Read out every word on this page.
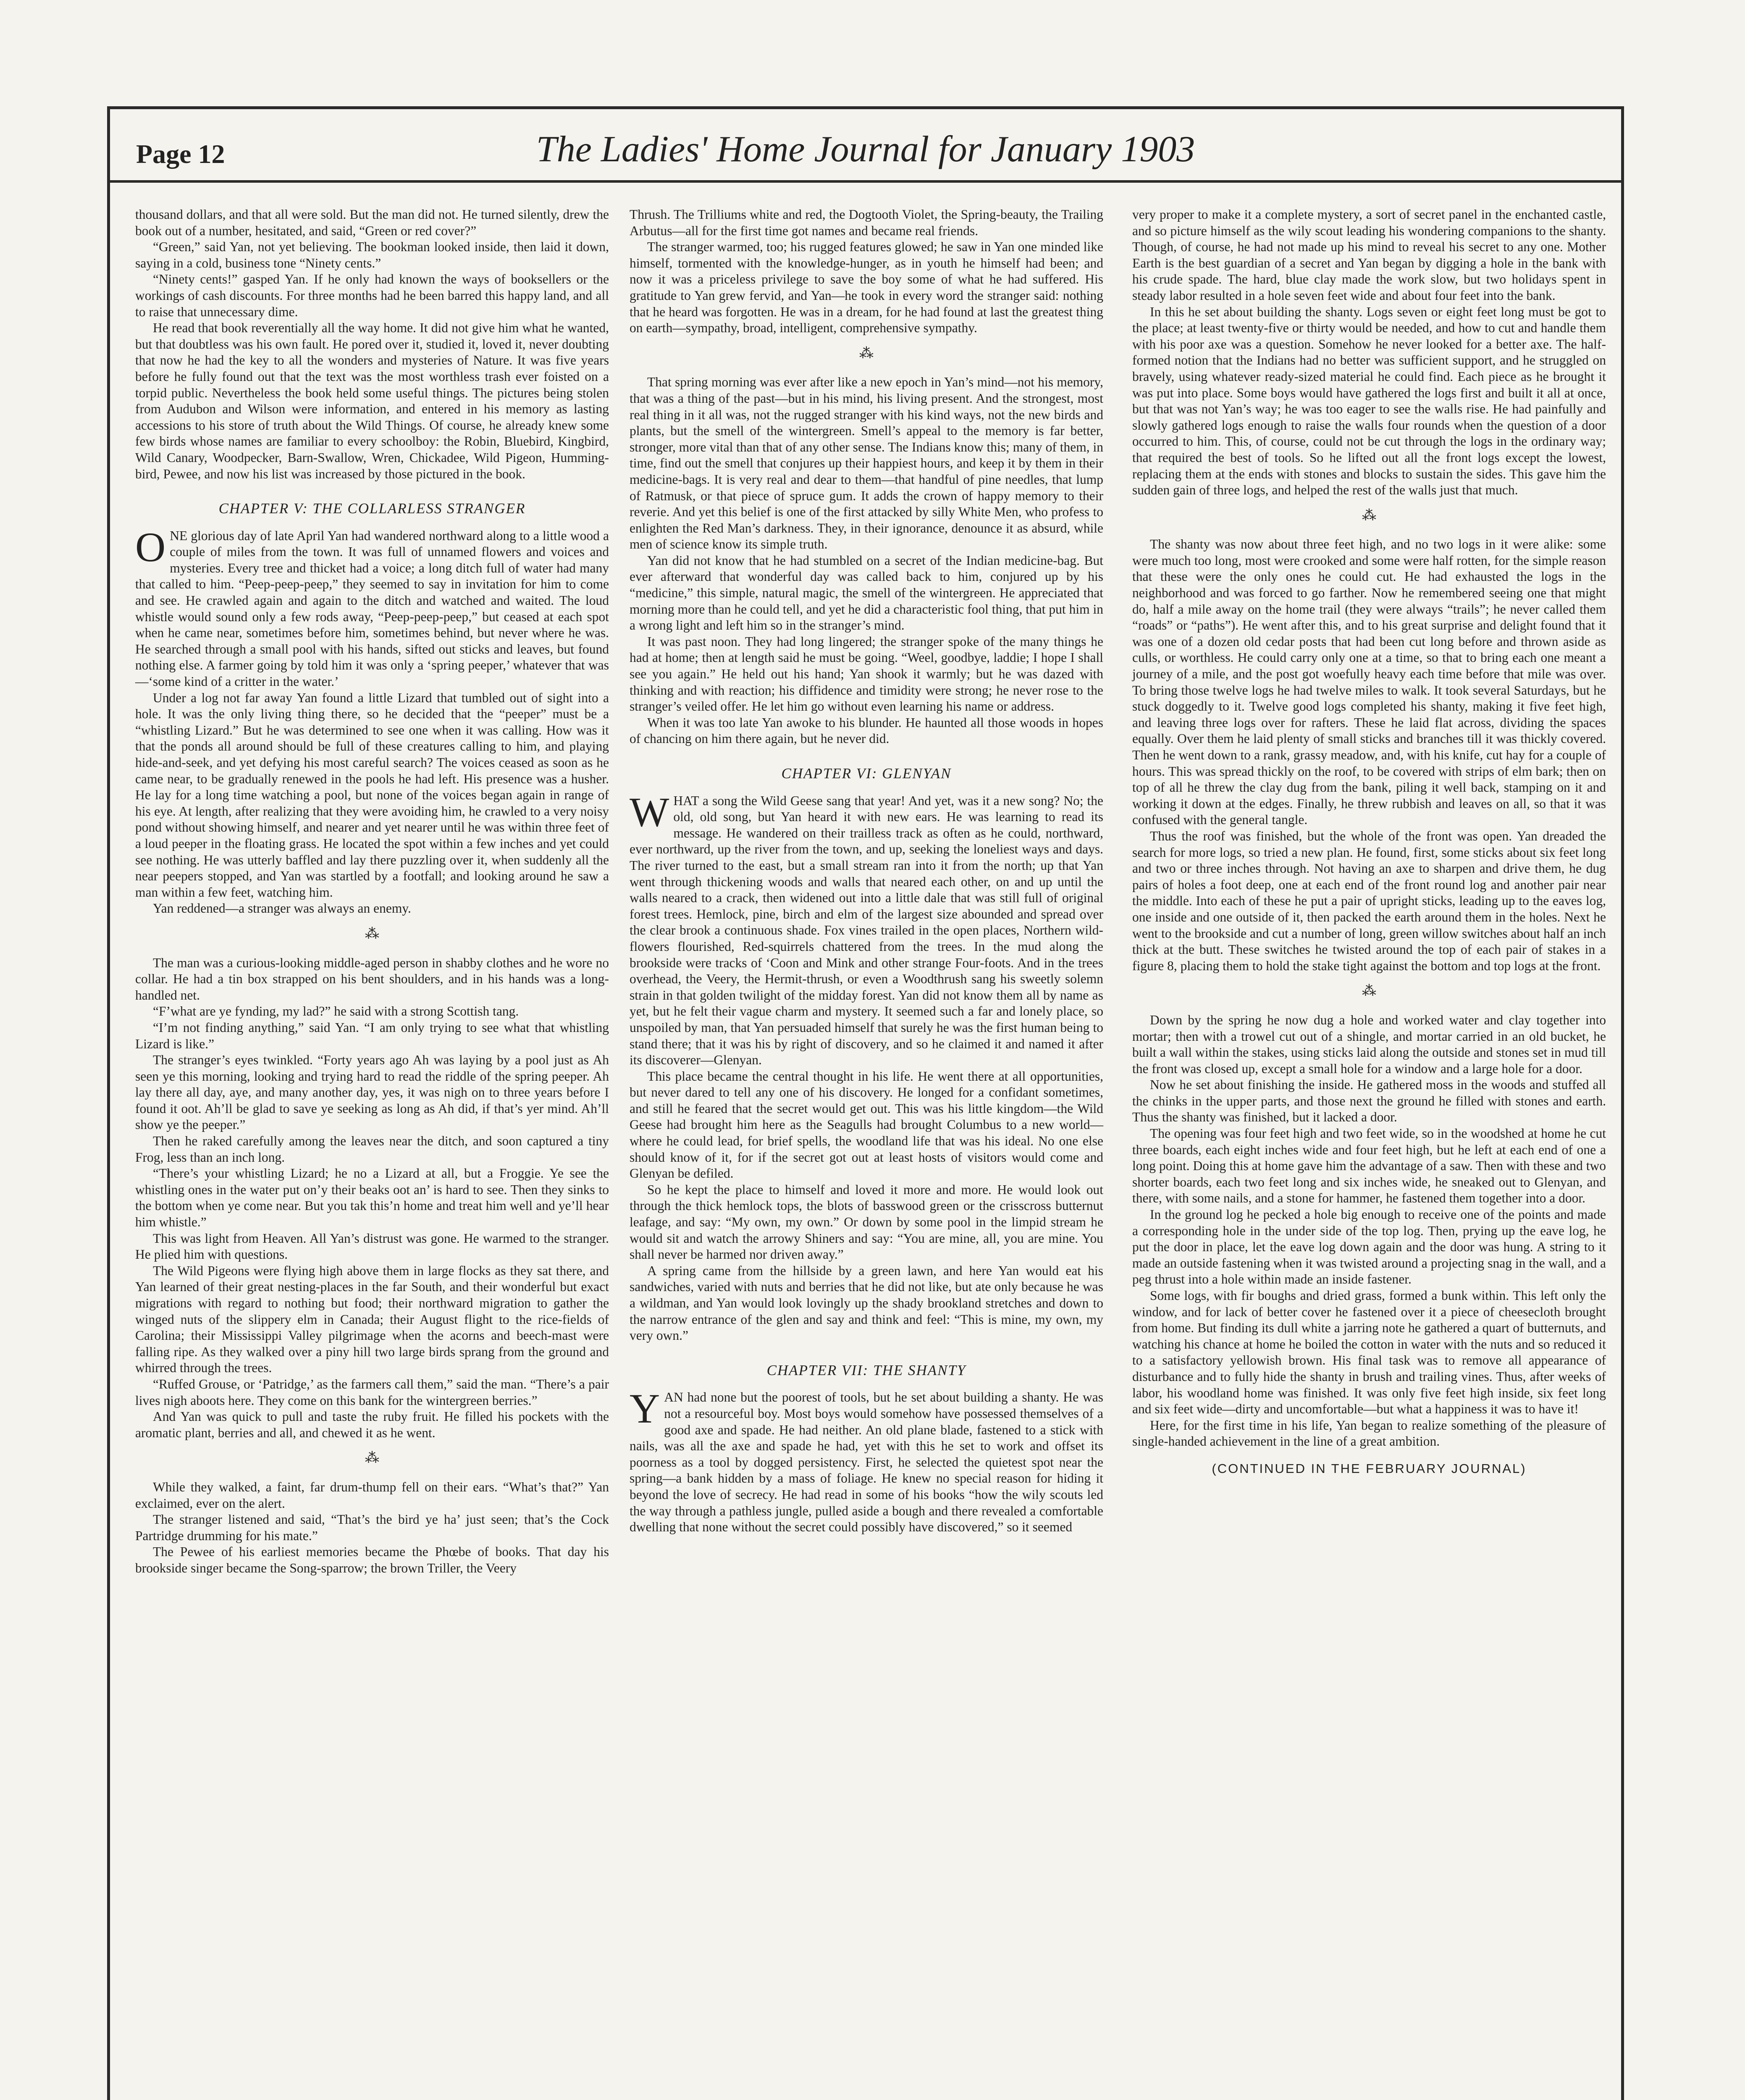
Page 12	The Ladies' Home Journal for January 1903

thousand dollars, and that all were sold. But the man did not. He turned silently, drew the book out of a number, hesitated, and said, “Green or red cover?”

“Green,” said Yan, not yet believing. The bookman looked inside, then laid it down, saying in a cold, business tone “Ninety cents.”

“Ninety cents!” gasped Yan. If he only had known the ways of booksellers or the workings of cash discounts. For three months had he been barred this happy land, and all to raise that unnecessary dime.

He read that book reverentially all the way home. It did not give him what he wanted, but that doubtless was his own fault. He pored over it, studied it, loved it, never doubting that now he had the key to all the wonders and mysteries of Nature. It was five years before he fully found out that the text was the most worthless trash ever foisted on a torpid public. Nevertheless the book held some useful things. The pictures being stolen from Audubon and Wilson were information, and entered in his memory as lasting accessions to his store of truth about the Wild Things. Of course, he already knew some few birds whose names are familiar to every schoolboy: the Robin, Bluebird, Kingbird, Wild Canary, Woodpecker, Barn-Swallow, Wren, Chickadee, Wild Pigeon, Humming-bird, Pewee, and now his list was increased by those pictured in the book.

CHAPTER V: THE COLLARLESS STRANGER

ONE glorious day of late April Yan had wandered northward along to a little wood a couple of miles from the town. It was full of unnamed flowers and voices and mysteries. Every tree and thicket had a voice; a long ditch full of water had many that called to him. “Peep-peep-peep,” they seemed to say in invitation for him to come and see. He crawled again and again to the ditch and watched and waited. The loud whistle would sound only a few rods away, “Peep-peep-peep,” but ceased at each spot when he came near, sometimes before him, sometimes behind, but never where he was. He searched through a small pool with his hands, sifted out sticks and leaves, but found nothing else. A farmer going by told him it was only a ‘spring peeper,’ whatever that was—‘some kind of a critter in the water.’

Under a log not far away Yan found a little Lizard that tumbled out of sight into a hole. It was the only living thing there, so he decided that the “peeper” must be a “whistling Lizard.” But he was determined to see one when it was calling. How was it that the ponds all around should be full of these creatures calling to him, and playing hide-and-seek, and yet defying his most careful search? The voices ceased as soon as he came near, to be gradually renewed in the pools he had left. His presence was a husher. He lay for a long time watching a pool, but none of the voices began again in range of his eye. At length, after realizing that they were avoiding him, he crawled to a very noisy pond without showing himself, and nearer and yet nearer until he was within three feet of a loud peeper in the floating grass. He located the spot within a few inches and yet could see nothing. He was utterly baffled and lay there puzzling over it, when suddenly all the near peepers stopped, and Yan was startled by a footfall; and looking around he saw a man within a few feet, watching him.

Yan reddened—a stranger was always an enemy.

⁂

The man was a curious-looking middle-aged person in shabby clothes and he wore no collar. He had a tin box strapped on his bent shoulders, and in his hands was a long-handled net.

“F’what are ye fynding, my lad?” he said with a strong Scottish tang.

“I’m not finding anything,” said Yan. “I am only trying to see what that whistling Lizard is like.”

The stranger’s eyes twinkled. “Forty years ago Ah was laying by a pool just as Ah seen ye this morning, looking and trying hard to read the riddle of the spring peeper. Ah lay there all day, aye, and many another day, yes, it was nigh on to three years before I found it oot. Ah’ll be glad to save ye seeking as long as Ah did, if that’s yer mind. Ah’ll show ye the peeper.”

Then he raked carefully among the leaves near the ditch, and soon captured a tiny Frog, less than an inch long.

“There’s your whistling Lizard; he no a Lizard at all, but a Froggie. Ye see the whistling ones in the water put on’y their beaks oot an’ is hard to see. Then they sinks to the bottom when ye come near. But you tak this’n home and treat him well and ye’ll hear him whistle.”

This was light from Heaven. All Yan’s distrust was gone. He warmed to the stranger. He plied him with questions.

The Wild Pigeons were flying high above them in large flocks as they sat there, and Yan learned of their great nesting-places in the far South, and their wonderful but exact migrations with regard to nothing but food; their northward migration to gather the winged nuts of the slippery elm in Canada; their August flight to the rice-fields of Carolina; their Mississippi Valley pilgrimage when the acorns and beech-mast were falling ripe. As they walked over a piny hill two large birds sprang from the ground and whirred through the trees.

“Ruffed Grouse, or ‘Patridge,’ as the farmers call them,” said the man. “There’s a pair lives nigh aboots here. They come on this bank for the wintergreen berries.”

And Yan was quick to pull and taste the ruby fruit. He filled his pockets with the aromatic plant, berries and all, and chewed it as he went.

⁂

While they walked, a faint, far drum-thump fell on their ears. “What’s that?” Yan exclaimed, ever on the alert.

The stranger listened and said, “That’s the bird ye ha’ just seen; that’s the Cock Partridge drumming for his mate.”

The Pewee of his earliest memories became the Phœbe of books. That day his brookside singer became the Song-sparrow; the brown Triller, the Veery

Thrush. The Trilliums white and red, the Dogtooth Violet, the Spring-beauty, the Trailing Arbutus—all for the first time got names and became real friends.

The stranger warmed, too; his rugged features glowed; he saw in Yan one minded like himself, tormented with the knowledge-hunger, as in youth he himself had been; and now it was a priceless privilege to save the boy some of what he had suffered. His gratitude to Yan grew fervid, and Yan—he took in every word the stranger said: nothing that he heard was forgotten. He was in a dream, for he had found at last the greatest thing on earth—sympathy, broad, intelligent, comprehensive sympathy.

⁂

That spring morning was ever after like a new epoch in Yan’s mind—not his memory, that was a thing of the past—but in his mind, his living present. And the strongest, most real thing in it all was, not the rugged stranger with his kind ways, not the new birds and plants, but the smell of the wintergreen. Smell’s appeal to the memory is far better, stronger, more vital than that of any other sense. The Indians know this; many of them, in time, find out the smell that conjures up their happiest hours, and keep it by them in their medicine-bags. It is very real and dear to them—that handful of pine needles, that lump of Ratmusk, or that piece of spruce gum. It adds the crown of happy memory to their reverie. And yet this belief is one of the first attacked by silly White Men, who profess to enlighten the Red Man’s darkness. They, in their ignorance, denounce it as absurd, while men of science know its simple truth.

Yan did not know that he had stumbled on a secret of the Indian medicine-bag. But ever afterward that wonderful day was called back to him, conjured up by his “medicine,” this simple, natural magic, the smell of the wintergreen. He appreciated that morning more than he could tell, and yet he did a characteristic fool thing, that put him in a wrong light and left him so in the stranger’s mind.

It was past noon. They had long lingered; the stranger spoke of the many things he had at home; then at length said he must be going. “Weel, goodbye, laddie; I hope I shall see you again.” He held out his hand; Yan shook it warmly; but he was dazed with thinking and with reaction; his diffidence and timidity were strong; he never rose to the stranger’s veiled offer. He let him go without even learning his name or address.

When it was too late Yan awoke to his blunder. He haunted all those woods in hopes of chancing on him there again, but he never did.

CHAPTER VI: GLENYAN

WHAT a song the Wild Geese sang that year! And yet, was it a new song? No; the old, old song, but Yan heard it with new ears. He was learning to read its message. He wandered on their trailless track as often as he could, northward, ever northward, up the river from the town, and up, seeking the loneliest ways and days. The river turned to the east, but a small stream ran into it from the north; up that Yan went through thickening woods and walls that neared each other, on and up until the walls neared to a crack, then widened out into a little dale that was still full of original forest trees. Hemlock, pine, birch and elm of the largest size abounded and spread over the clear brook a continuous shade. Fox vines trailed in the open places, Northern wild-flowers flourished, Red-squirrels chattered from the trees. In the mud along the brookside were tracks of ‘Coon and Mink and other strange Four-foots. And in the trees overhead, the Veery, the Hermit-thrush, or even a Woodthrush sang his sweetly solemn strain in that golden twilight of the midday forest. Yan did not know them all by name as yet, but he felt their vague charm and mystery. It seemed such a far and lonely place, so unspoiled by man, that Yan persuaded himself that surely he was the first human being to stand there; that it was his by right of discovery, and so he claimed it and named it after its discoverer—Glenyan.

This place became the central thought in his life. He went there at all opportunities, but never dared to tell any one of his discovery. He longed for a confidant sometimes, and still he feared that the secret would get out. This was his little kingdom—the Wild Geese had brought him here as the Seagulls had brought Columbus to a new world—where he could lead, for brief spells, the woodland life that was his ideal. No one else should know of it, for if the secret got out at least hosts of visitors would come and Glenyan be defiled.

So he kept the place to himself and loved it more and more. He would look out through the thick hemlock tops, the blots of basswood green or the crisscross butternut leafage, and say: “My own, my own.” Or down by some pool in the limpid stream he would sit and watch the arrowy Shiners and say: “You are mine, all, you are mine. You shall never be harmed nor driven away.”

A spring came from the hillside by a green lawn, and here Yan would eat his sandwiches, varied with nuts and berries that he did not like, but ate only because he was a wildman, and Yan would look lovingly up the shady brookland stretches and down to the narrow entrance of the glen and say and think and feel: “This is mine, my own, my very own.”

CHAPTER VII: THE SHANTY

YAN had none but the poorest of tools, but he set about building a shanty. He was not a resourceful boy. Most boys would somehow have possessed themselves of a good axe and spade. He had neither. An old plane blade, fastened to a stick with nails, was all the axe and spade he had, yet with this he set to work and offset its poorness as a tool by dogged persistency. First, he selected the quietest spot near the spring—a bank hidden by a mass of foliage. He knew no special reason for hiding it beyond the love of secrecy. He had read in some of his books “how the wily scouts led the way through a pathless jungle, pulled aside a bough and there revealed a comfortable dwelling that none without the secret could possibly have discovered,” so it seemed

very proper to make it a complete mystery, a sort of secret panel in the enchanted castle, and so picture himself as the wily scout leading his wondering companions to the shanty. Though, of course, he had not made up his mind to reveal his secret to any one. Mother Earth is the best guardian of a secret and Yan began by digging a hole in the bank with his crude spade. The hard, blue clay made the work slow, but two holidays spent in steady labor resulted in a hole seven feet wide and about four feet into the bank.

In this he set about building the shanty. Logs seven or eight feet long must be got to the place; at least twenty-five or thirty would be needed, and how to cut and handle them with his poor axe was a question. Somehow he never looked for a better axe. The half-formed notion that the Indians had no better was sufficient support, and he struggled on bravely, using whatever ready-sized material he could find. Each piece as he brought it was put into place. Some boys would have gathered the logs first and built it all at once, but that was not Yan’s way; he was too eager to see the walls rise. He had painfully and slowly gathered logs enough to raise the walls four rounds when the question of a door occurred to him. This, of course, could not be cut through the logs in the ordinary way; that required the best of tools. So he lifted out all the front logs except the lowest, replacing them at the ends with stones and blocks to sustain the sides. This gave him the sudden gain of three logs, and helped the rest of the walls just that much.

⁂

The shanty was now about three feet high, and no two logs in it were alike: some were much too long, most were crooked and some were half rotten, for the simple reason that these were the only ones he could cut. He had exhausted the logs in the neighborhood and was forced to go farther. Now he remembered seeing one that might do, half a mile away on the home trail (they were always “trails”; he never called them “roads” or “paths”). He went after this, and to his great surprise and delight found that it was one of a dozen old cedar posts that had been cut long before and thrown aside as culls, or worthless. He could carry only one at a time, so that to bring each one meant a journey of a mile, and the post got woefully heavy each time before that mile was over. To bring those twelve logs he had twelve miles to walk. It took several Saturdays, but he stuck doggedly to it. Twelve good logs completed his shanty, making it five feet high, and leaving three logs over for rafters. These he laid flat across, dividing the spaces equally. Over them he laid plenty of small sticks and branches till it was thickly covered. Then he went down to a rank, grassy meadow, and, with his knife, cut hay for a couple of hours. This was spread thickly on the roof, to be covered with strips of elm bark; then on top of all he threw the clay dug from the bank, piling it well back, stamping on it and working it down at the edges. Finally, he threw rubbish and leaves on all, so that it was confused with the general tangle.

Thus the roof was finished, but the whole of the front was open. Yan dreaded the search for more logs, so tried a new plan. He found, first, some sticks about six feet long and two or three inches through. Not having an axe to sharpen and drive them, he dug pairs of holes a foot deep, one at each end of the front round log and another pair near the middle. Into each of these he put a pair of upright sticks, leading up to the eaves log, one inside and one outside of it, then packed the earth around them in the holes. Next he went to the brookside and cut a number of long, green willow switches about half an inch thick at the butt. These switches he twisted around the top of each pair of stakes in a figure 8, placing them to hold the stake tight against the bottom and top logs at the front.

⁂

Down by the spring he now dug a hole and worked water and clay together into mortar; then with a trowel cut out of a shingle, and mortar carried in an old bucket, he built a wall within the stakes, using sticks laid along the outside and stones set in mud till the front was closed up, except a small hole for a window and a large hole for a door.

Now he set about finishing the inside. He gathered moss in the woods and stuffed all the chinks in the upper parts, and those next the ground he filled with stones and earth. Thus the shanty was finished, but it lacked a door.

The opening was four feet high and two feet wide, so in the woodshed at home he cut three boards, each eight inches wide and four feet high, but he left at each end of one a long point. Doing this at home gave him the advantage of a saw. Then with these and two shorter boards, each two feet long and six inches wide, he sneaked out to Glenyan, and there, with some nails, and a stone for hammer, he fastened them together into a door.

In the ground log he pecked a hole big enough to receive one of the points and made a corresponding hole in the under side of the top log. Then, prying up the eave log, he put the door in place, let the eave log down again and the door was hung. A string to it made an outside fastening when it was twisted around a projecting snag in the wall, and a peg thrust into a hole within made an inside fastener.

Some logs, with fir boughs and dried grass, formed a bunk within. This left only the window, and for lack of better cover he fastened over it a piece of cheesecloth brought from home. But finding its dull white a jarring note he gathered a quart of butternuts, and watching his chance at home he boiled the cotton in water with the nuts and so reduced it to a satisfactory yellowish brown. His final task was to remove all appearance of disturbance and to fully hide the shanty in brush and trailing vines. Thus, after weeks of labor, his woodland home was finished. It was only five feet high inside, six feet long and six feet wide—dirty and uncomfortable—but what a happiness it was to have it!

Here, for the first time in his life, Yan began to realize something of the pleasure of single-handed achievement in the line of a great ambition.

(CONTINUED IN THE FEBRUARY JOURNAL)
